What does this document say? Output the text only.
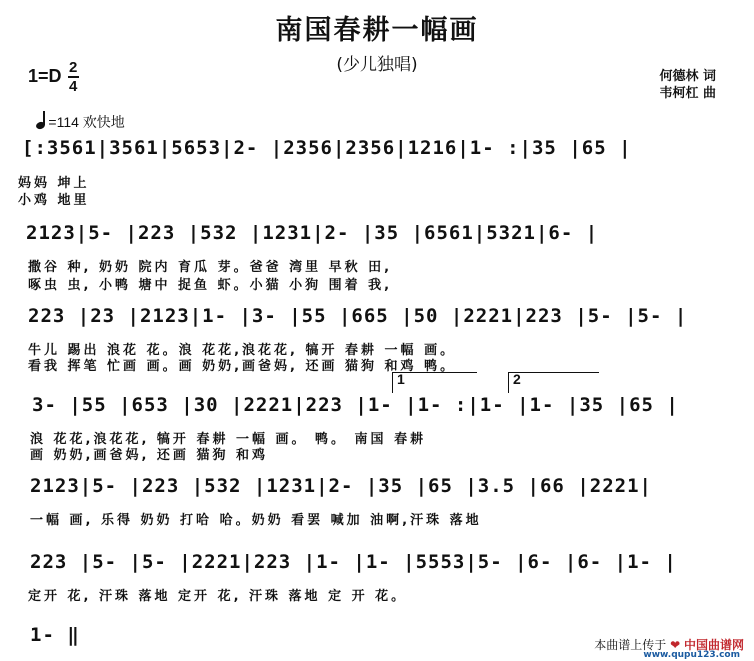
南国春耕一幅画
(少儿独唱)
1=D 2
4
何德林 词
韦柯杠 曲
=114 欢快地
[:3561|3561|5653|2- |2356|2356|1216|1- :|35 |65 |
妈妈 坤上
小鸡 地里
2123|5- |223 |532 |1231|2- |35 |6561|5321|6- |
撒谷 种, 奶奶 院内 育瓜 芽。爸爸 湾里 早秋 田,
啄虫 虫, 小鸭 塘中 捉鱼 虾。小猫 小狗 围着 我,
223 |23 |2123|1- |3- |55 |665 |50 |2221|223 |5- |5- |
牛儿 踢出 浪花 花。浪 花花,浪花花, 犒开 春耕 一幅 画。
看我 挥笔 忙画 画。画 奶奶,画爸妈, 还画 猫狗 和鸡 鸭。
1	2
3- |55 |653 |30 |2221|223 |1- |1- :|1- |1- |35 |65 |
浪 花花,浪花花, 犒开 春耕 一幅 画。 鸭。 南国 春耕
画 奶奶,画爸妈, 还画 猫狗 和鸡
2123|5- |223 |532 |1231|2- |35 |65 |3.5 |66 |2221|
一幅 画, 乐得 奶奶 打哈 哈。奶奶 看罢 喊加 油啊,汗珠 落地
223 |5- |5- |2221|223 |1- |1- |5553|5- |6- |6- |1- |
定开 花, 汗珠 落地 定开 花, 汗珠 落地 定 开 花。
1- ‖	本曲谱上传于 ❤ 中国曲谱网
www.qupu123.com
